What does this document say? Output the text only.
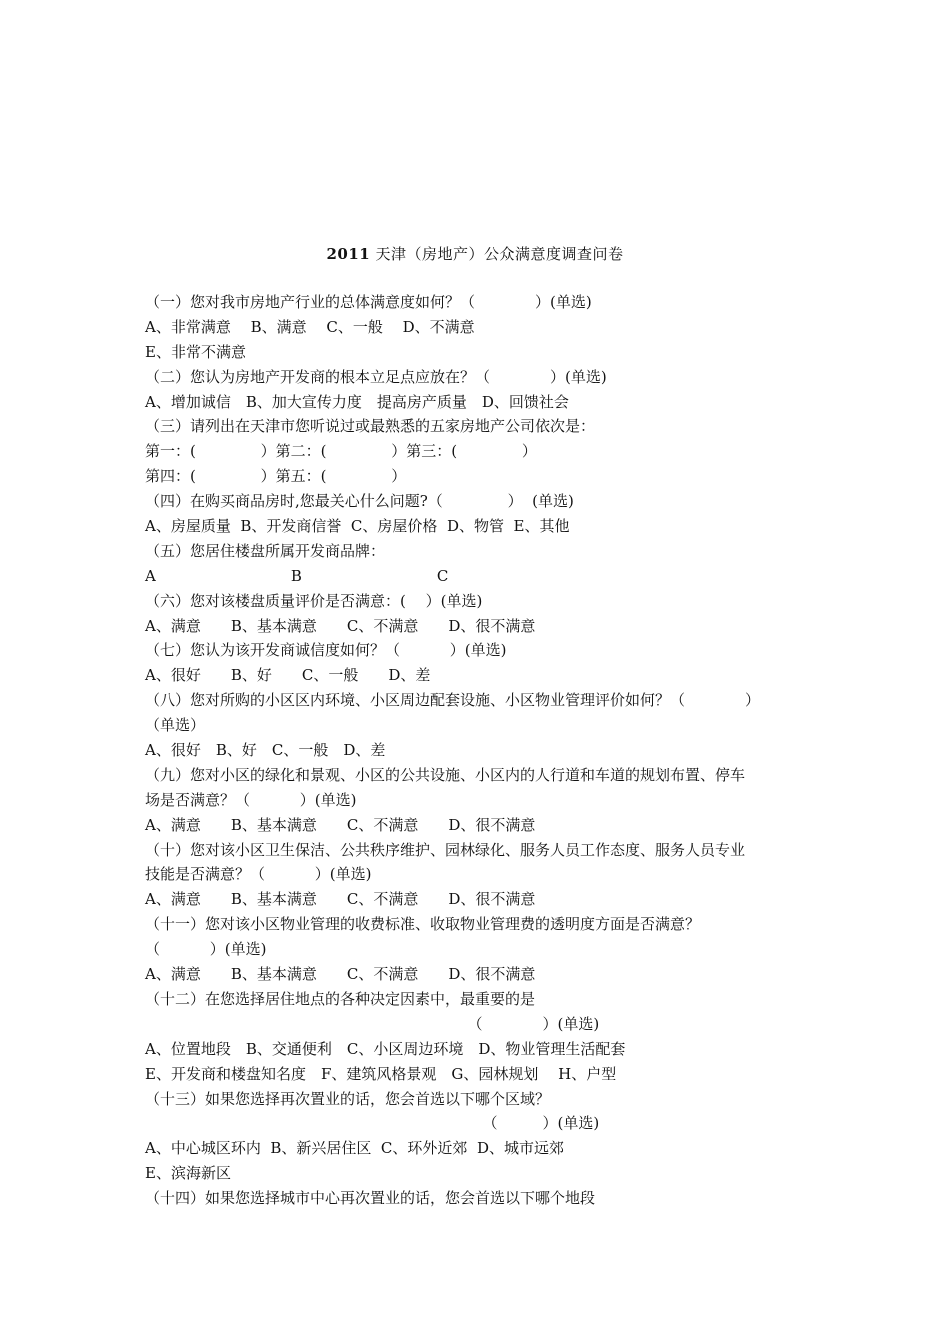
2011 天津（房地产）公众满意度调查问卷
（一）您对我市房地产行业的总体满意度如何？（　　　　）(单选)
A、非常满意　 B、满意　 C、一般　 D、不满意
E、非常不满意
（二）您认为房地产开发商的根本立足点应放在？（　　　　）(单选)
A、增加诚信　B、加大宣传力度　提高房产质量　D、回馈社会
（三）请列出在天津市您听说过或最熟悉的五家房地产公司依次是：
第一：(　　　　 ）第二：(　　　　 ）第三：(　　　　 ）
第四：(　　　　 ）第五：(　　　　 ）
（四）在购买商品房时,您最关心什么问题?（　　　　 ）  (单选)
A、房屋质量  B、开发商信誉  C、房屋价格  D、物管  E、其他
（五）您居住楼盘所属开发商品牌：
A　　　　　　　　　B　　　　　　　　　C
（六）您对该楼盘质量评价是否满意：(　 ）(单选)
A、满意　　B、基本满意　　C、不满意　　D、很不满意
（七）您认为该开发商诚信度如何？（　　　 ）(单选)
A、很好　　B、好　　C、一般　　D、差
（八）您对所购的小区区内环境、小区周边配套设施、小区物业管理评价如何？（　　　　）
（单选）
A、很好　B、好　C、一般　D、差
（九）您对小区的绿化和景观、小区的公共设施、小区内的人行道和车道的规划布置、停车
场是否满意？（　　　 ）(单选)
A、满意　　B、基本满意　　C、不满意　　D、很不满意
（十）您对该小区卫生保洁、公共秩序维护、园林绿化、服务人员工作态度、服务人员专业
技能是否满意？（　　　 ）(单选)
A、满意　　B、基本满意　　C、不满意　　D、很不满意
（十一）您对该小区物业管理的收费标准、收取物业管理费的透明度方面是否满意？
（　　　 ）(单选)
A、满意　　B、基本满意　　C、不满意　　D、很不满意
（十二）在您选择居住地点的各种决定因素中，最重要的是
　　　　　　　　　　　　　　　　　　　　　　（　　　　）(单选)
A、位置地段　B、交通便利　C、小区周边环境　D、物业管理生活配套
E、开发商和楼盘知名度　F、建筑风格景观　G、园林规划　 H、户型
（十三）如果您选择再次置业的话，您会首选以下哪个区域？
　　　　　　　　　　　　　　　　　　　　　　　（　　　）(单选)
A、中心城区环内  B、新兴居住区  C、环外近郊  D、城市远郊
E、滨海新区
（十四）如果您选择城市中心再次置业的话，您会首选以下哪个地段
